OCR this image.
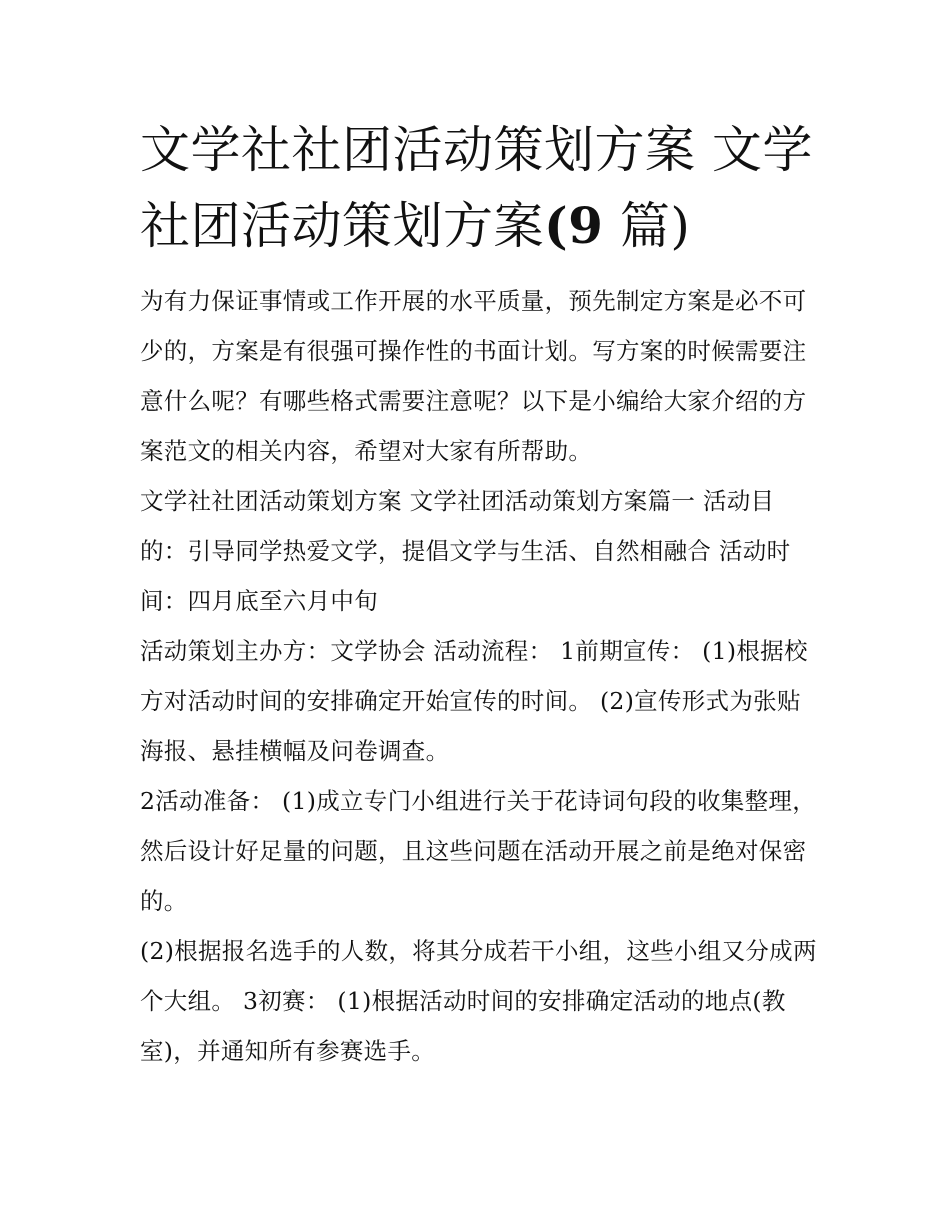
文学社社团活动策划方案 文学社团活动策划方案(9 篇)

为有力保证事情或工作开展的水平质量，预先制定方案是必不可少的，方案是有很强可操作性的书面计划。写方案的时候需要注意什么呢？有哪些格式需要注意呢？以下是小编给大家介绍的方案范文的相关内容，希望对大家有所帮助。

文学社社团活动策划方案 文学社团活动策划方案篇一 活动目的：引导同学热爱文学，提倡文学与生活、自然相融合 活动时间：四月底至六月中旬

活动策划主办方：文学协会 活动流程： 1前期宣传： (1)根据校方对活动时间的安排确定开始宣传的时间。 (2)宣传形式为张贴海报、悬挂横幅及问卷调查。

2活动准备： (1)成立专门小组进行关于花诗词句段的收集整理，然后设计好足量的问题，且这些问题在活动开展之前是绝对保密的。

(2)根据报名选手的人数，将其分成若干小组，这些小组又分成两个大组。 3初赛： (1)根据活动时间的安排确定活动的地点(教室)，并通知所有参赛选手。
